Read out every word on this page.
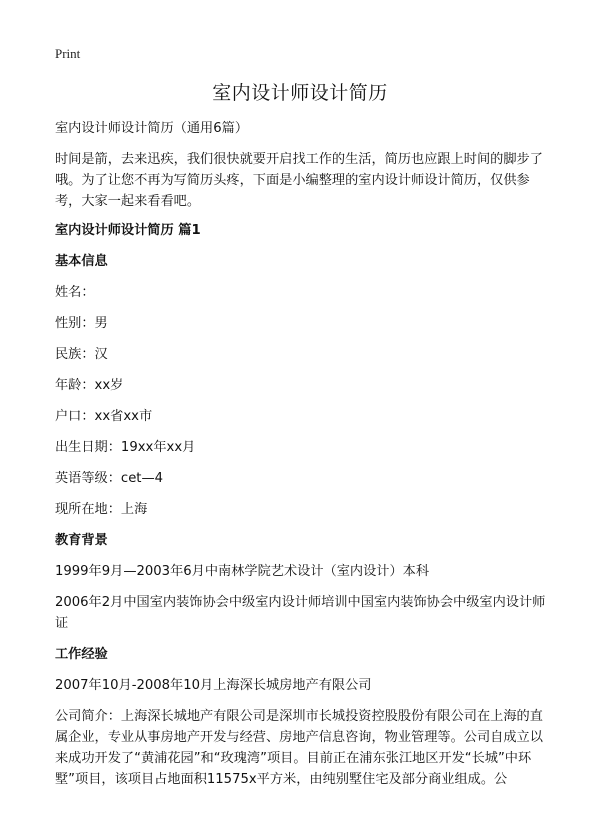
Print
室内设计师设计简历

室内设计师设计简历（通用6篇）

时间是箭，去来迅疾，我们很快就要开启找工作的生活，简历也应跟上时间的脚步了哦。为了让您不再为写简历头疼，下面是小编整理的室内设计师设计简历，仅供参考，大家一起来看看吧。

室内设计师设计简历 篇1

基本信息

姓名：

性别：男

民族：汉

年龄：xx岁

户口：xx省xx市

出生日期：19xx年xx月

英语等级：cet—4

现所在地：上海

教育背景

1999年9月—2003年6月中南林学院艺术设计（室内设计）本科

2006年2月中国室内装饰协会中级室内设计师培训中国室内装饰协会中级室内设计师证

工作经验

2007年10月-2008年10月上海深长城房地产有限公司

公司简介：上海深长城地产有限公司是深圳市长城投资控股股份有限公司在上海的直属企业，专业从事房地产开发与经营、房地产信息咨询，物业管理等。公司自成立以来成功开发了“黄浦花园”和“玫瑰湾”项目。目前正在浦东张江地区开发“长城”中环墅”项目，该项目占地面积11575x平方米，由纯别墅住宅及部分商业组成。公
